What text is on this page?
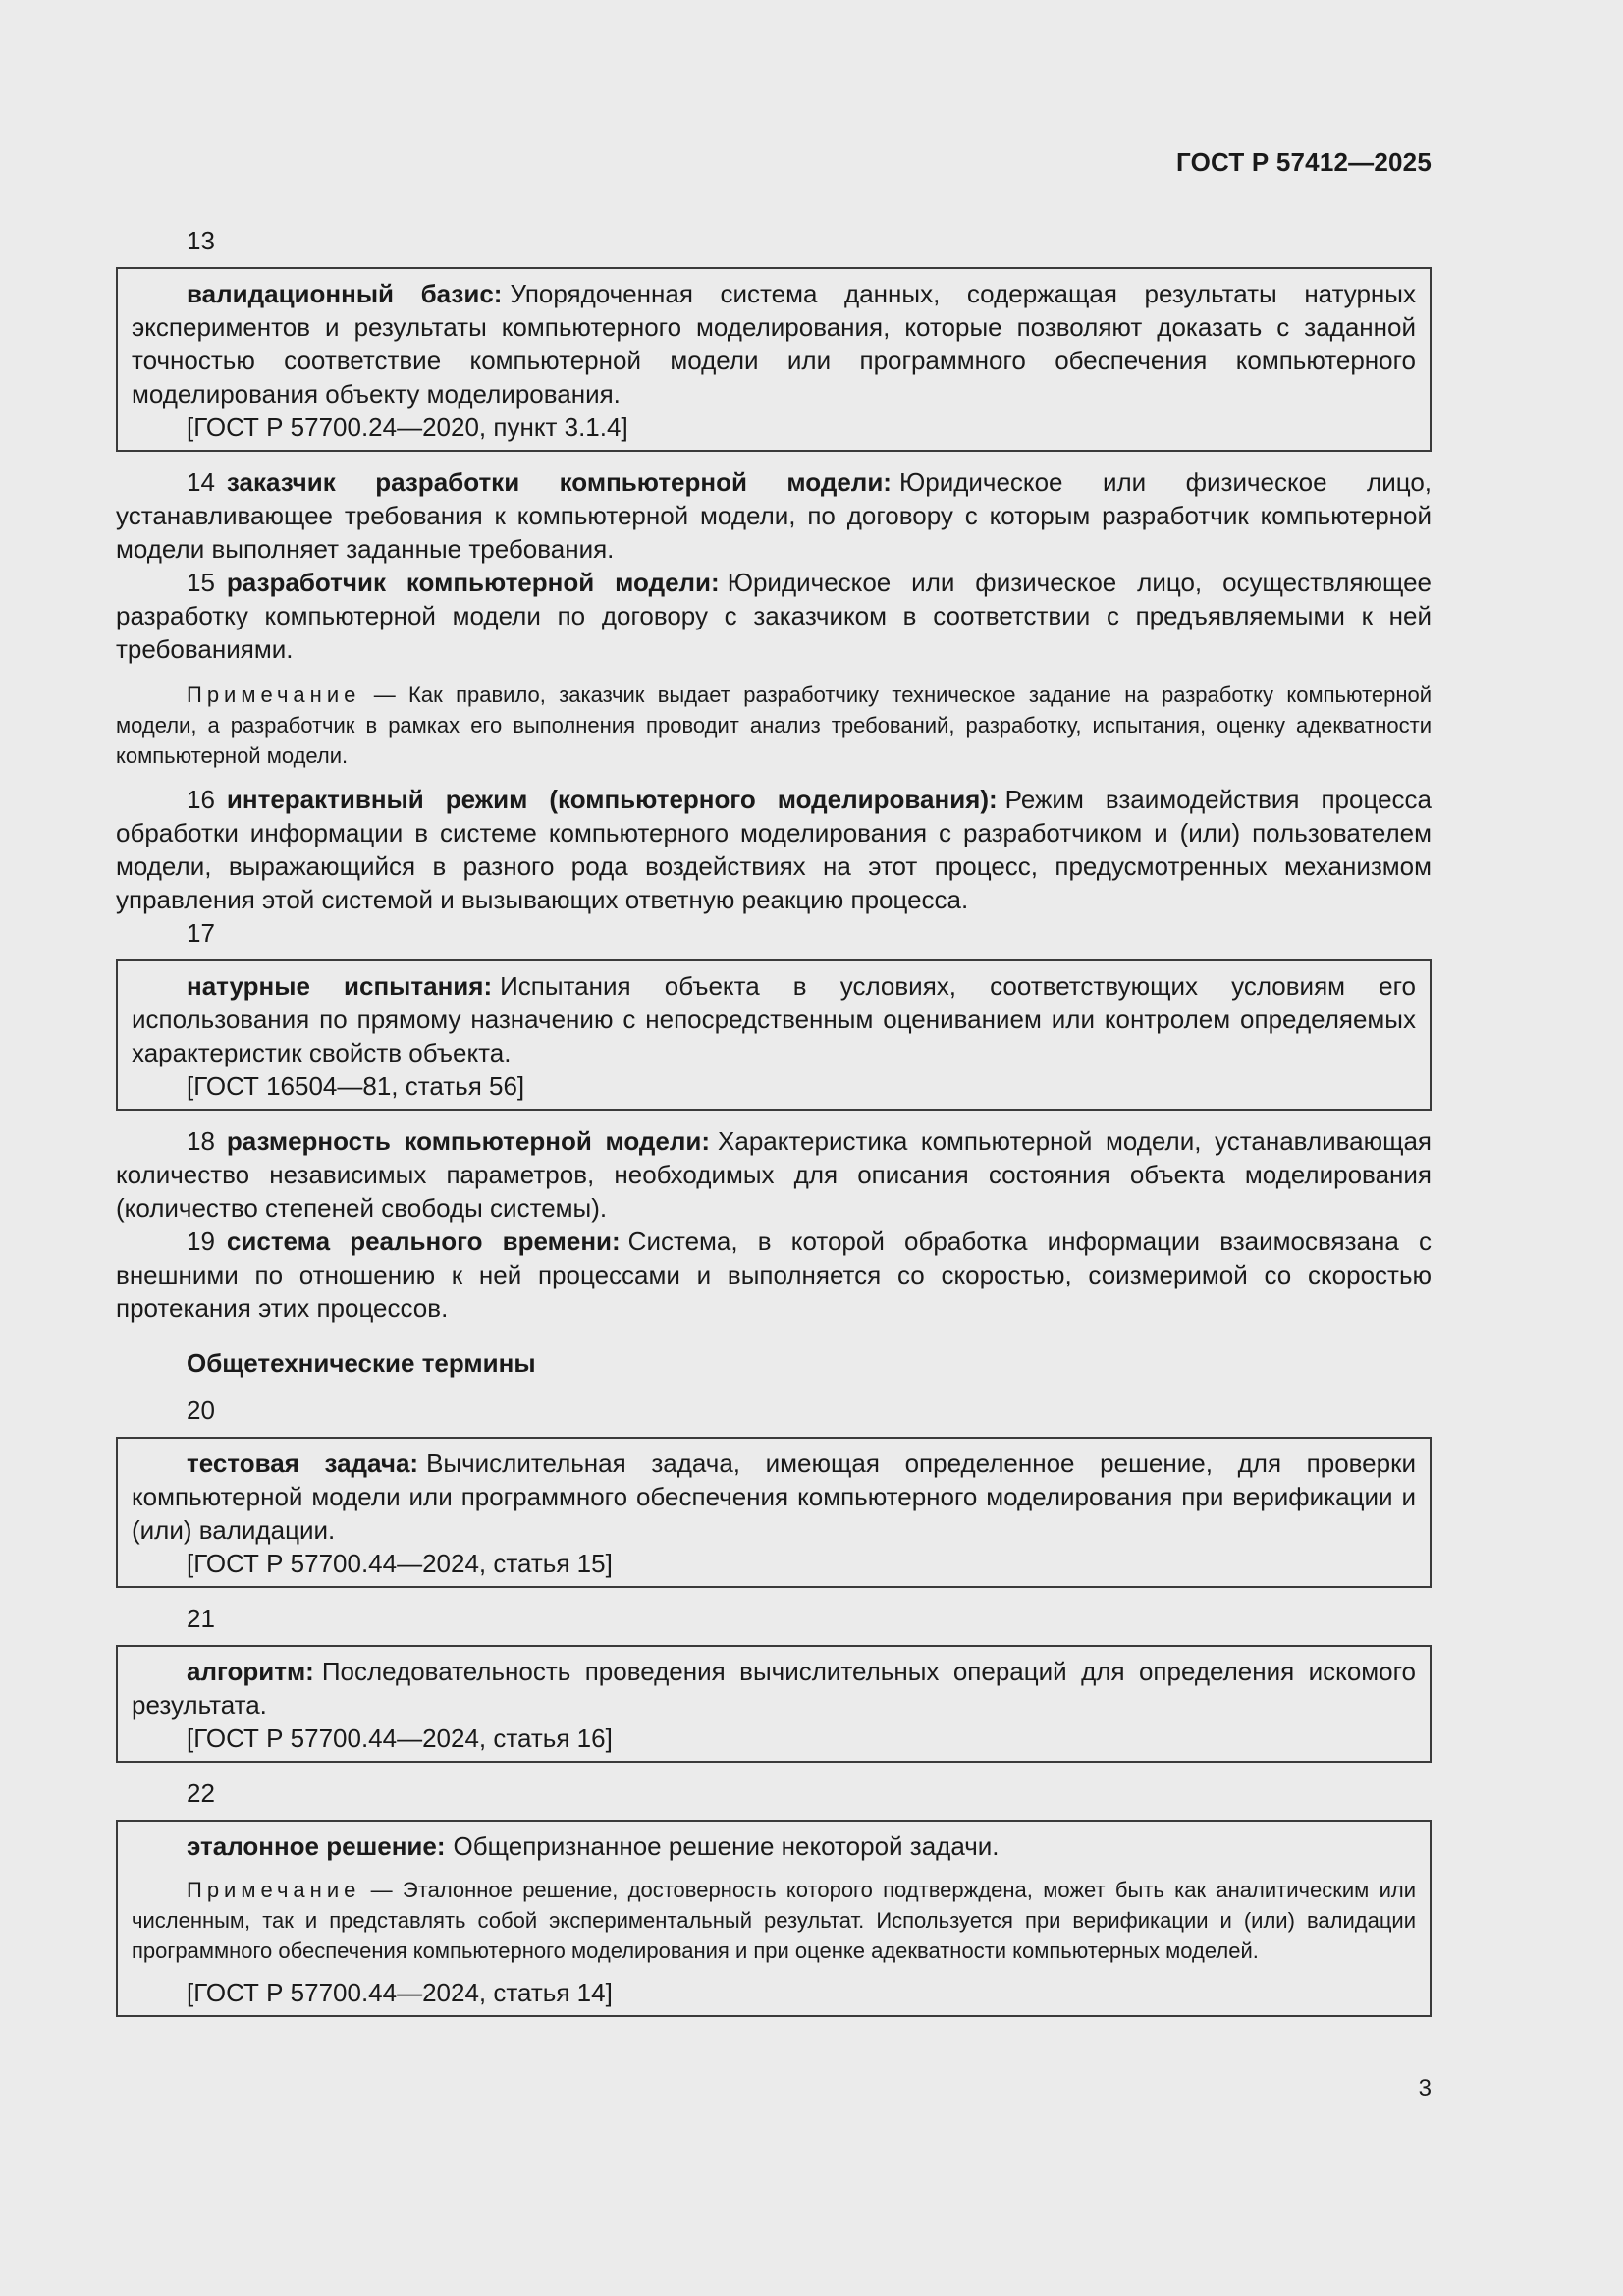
ГОСТ Р 57412—2025
13

валидационный базис: Упорядоченная система данных, содержащая результаты натурных экспериментов и результаты компьютерного моделирования, которые позволяют доказать с заданной точностью соответствие компьютерной модели или программного обеспечения компьютерного моделирования объекту моделирования.

[ГОСТ Р 57700.24—2020, пункт 3.1.4]

14 заказчик разработки компьютерной модели: Юридическое или физическое лицо, устанавливающее требования к компьютерной модели, по договору с которым разработчик компьютерной модели выполняет заданные требования.

15 разработчик компьютерной модели: Юридическое или физическое лицо, осуществляющее разработку компьютерной модели по договору с заказчиком в соответствии с предъявляемыми к ней требованиями.

Примечание — Как правило, заказчик выдает разработчику техническое задание на разработку компьютерной модели, а разработчик в рамках его выполнения проводит анализ требований, разработку, испытания, оценку адекватности компьютерной модели.

16 интерактивный режим (компьютерного моделирования): Режим взаимодействия процесса обработки информации в системе компьютерного моделирования с разработчиком и (или) пользователем модели, выражающийся в разного рода воздействиях на этот процесс, предусмотренных механизмом управления этой системой и вызывающих ответную реакцию процесса.

17

натурные испытания: Испытания объекта в условиях, соответствующих условиям его использования по прямому назначению с непосредственным оцениванием или контролем определяемых характеристик свойств объекта.

[ГОСТ 16504—81, статья 56]

18 размерность компьютерной модели: Характеристика компьютерной модели, устанавливающая количество независимых параметров, необходимых для описания состояния объекта моделирования (количество степеней свободы системы).

19 система реального времени: Система, в которой обработка информации взаимосвязана с внешними по отношению к ней процессами и выполняется со скоростью, соизмеримой со скоростью протекания этих процессов.

Общетехнические термины
20

тестовая задача: Вычислительная задача, имеющая определенное решение, для проверки компьютерной модели или программного обеспечения компьютерного моделирования при верификации и (или) валидации.

[ГОСТ Р 57700.44—2024, статья 15]

21

алгоритм: Последовательность проведения вычислительных операций для определения искомого результата.

[ГОСТ Р 57700.44—2024, статья 16]

22

эталонное решение: Общепризнанное решение некоторой задачи.

Примечание — Эталонное решение, достоверность которого подтверждена, может быть как аналитическим или численным, так и представлять собой экспериментальный результат. Используется при верификации и (или) валидации программного обеспечения компьютерного моделирования и при оценке адекватности компьютерных моделей.

[ГОСТ Р 57700.44—2024, статья 14]

3
